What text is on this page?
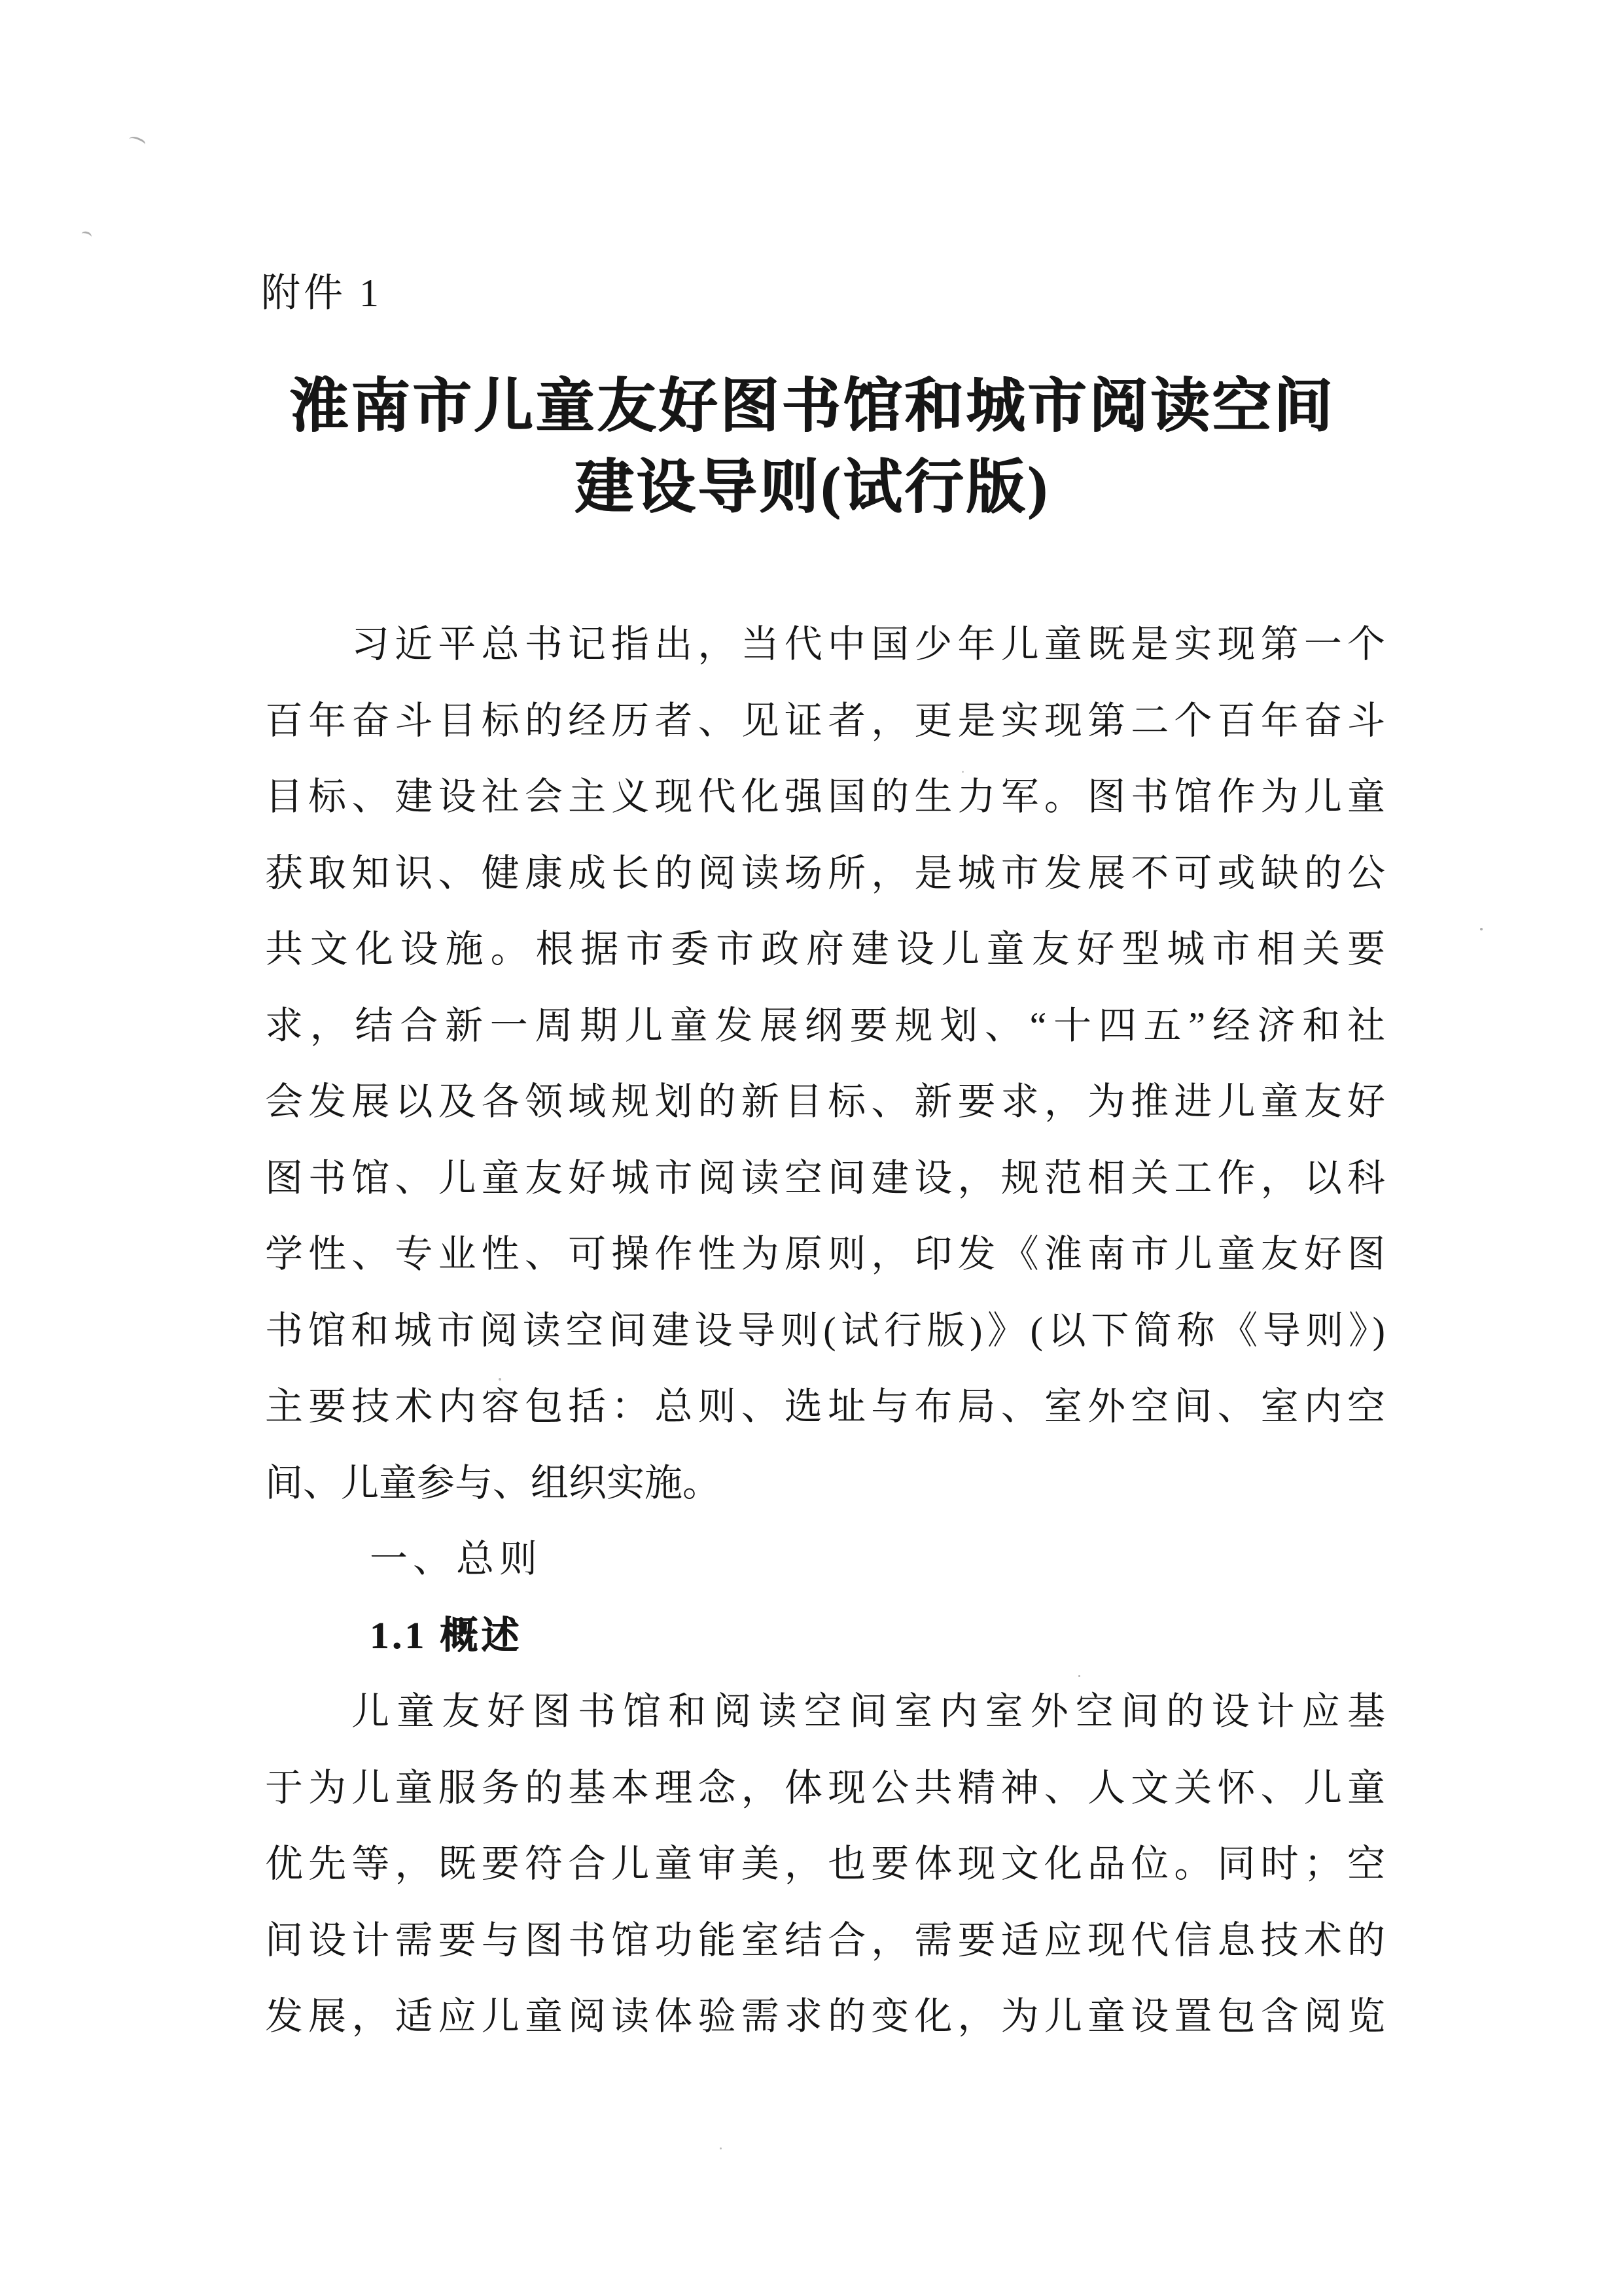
附件 1
淮南市儿童友好图书馆和城市阅读空间
建设导则(试行版)
习近平总书记指出，当代中国少年儿童既是实现第一个
百年奋斗目标的经历者、见证者，更是实现第二个百年奋斗
目标、建设社会主义现代化强国的生力军。图书馆作为儿童
获取知识、健康成长的阅读场所，是城市发展不可或缺的公
共文化设施。根据市委市政府建设儿童友好型城市相关要
求，结合新一周期儿童发展纲要规划、“十四五”经济和社
会发展以及各领域规划的新目标、新要求，为推进儿童友好
图书馆、儿童友好城市阅读空间建设，规范相关工作，以科
学性、专业性、可操作性为原则，印发《淮南市儿童友好图
书馆和城市阅读空间建设导则(试行版)》(以下简称《导则》)
主要技术内容包括：总则、选址与布局、室外空间、室内空
间、儿童参与、组织实施。
一、总则
1.1 概述
儿童友好图书馆和阅读空间室内室外空间的设计应基
于为儿童服务的基本理念，体现公共精神、人文关怀、儿童
优先等，既要符合儿童审美，也要体现文化品位。同时；空
间设计需要与图书馆功能室结合，需要适应现代信息技术的
发展，适应儿童阅读体验需求的变化，为儿童设置包含阅览
